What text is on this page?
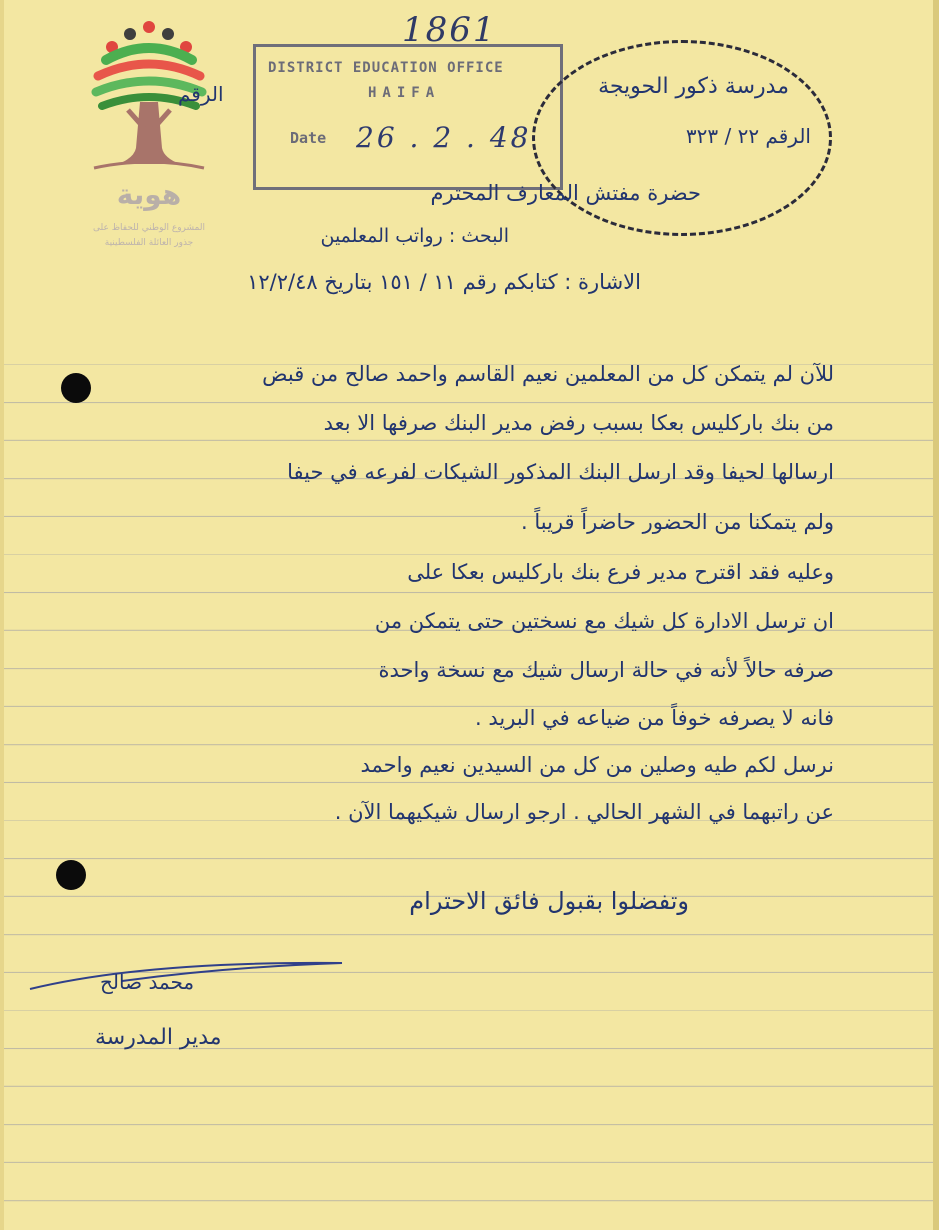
هوية
المشروع الوطني للحفاظ على
جذور العائلة الفلسطينية
1861
DISTRICT EDUCATION OFFICE
HAIFA
Date 26 . 2 . 48
مدرسة ذكور الحويجة
الرقم ٢٢ / ٣٢٣
الرقم
حضرة مفتش المعارف المحترم
البحث : رواتب المعلمين
الاشارة : كتابكم رقم ١١ / ١٥١ بتاريخ ١٢/٢/٤٨
للآن لم يتمكن كل من المعلمين نعيم القاسم واحمد صالح من قبض
من بنك باركليس بعكا بسبب رفض مدير البنك صرفها الا بعد
ارسالها لحيفا وقد ارسل البنك المذكور الشيكات لفرعه في حيفا
ولم يتمكنا من الحضور حاضراً قريباً .
وعليه فقد اقترح مدير فرع بنك باركليس بعكا على
ان ترسل الادارة كل شيك مع نسختين حتى يتمكن من
صرفه حالاً لأنه في حالة ارسال شيك مع نسخة واحدة
فانه لا يصرفه خوفاً من ضياعه في البريد .
نرسل لكم طيه وصلين من كل من السيدين نعيم واحمد
عن راتبهما في الشهر الحالي . ارجو ارسال شيكيهما الآن .
وتفضلوا بقبول فائق الاحترام
محمد صالح
مدير المدرسة
